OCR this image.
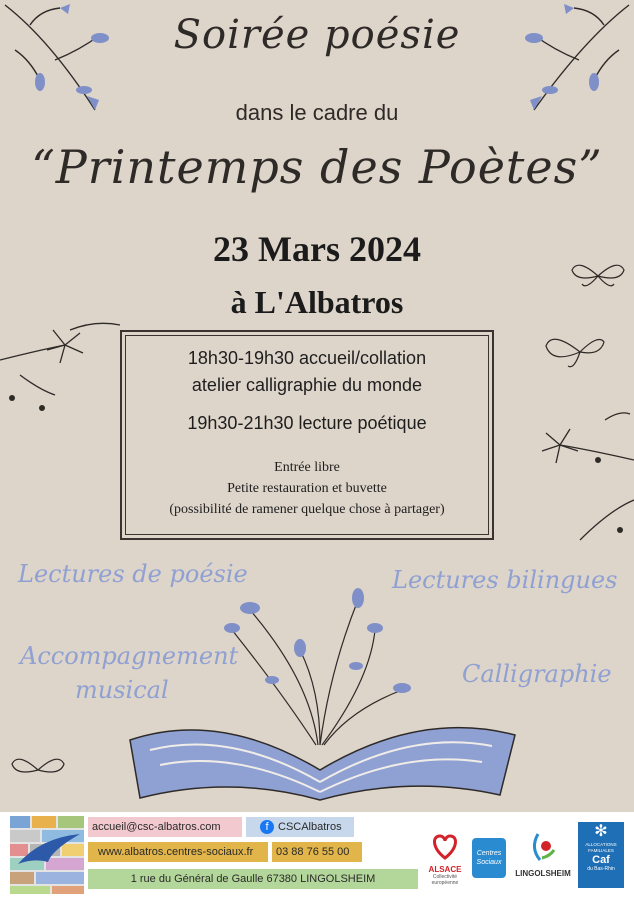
Soirée poésie
dans le cadre du
“Printemps des Poètes”
23 Mars 2024
à L'Albatros
18h30-19h30 accueil/collation
atelier calligraphie du monde
19h30-21h30 lecture poétique
Entrée libre
Petite restauration et buvette
(possibilité de ramener quelque chose à partager)
Lectures de poésie	Lectures bilingues
Accompagnement
musical
Calligraphie
accueil@csc-albatros.com	f CSCAlbatros
www.albatros.centres-sociaux.fr	03 88 76 55 00
1 rue du Général de Gaulle 67380 LINGOLSHEIM
ALSACE
Collectivité européenne
Centres Sociaux
LINGOLSHEIM
✻
ALLOCATIONS FAMILIALES
Caf
du Bas-Rhin
